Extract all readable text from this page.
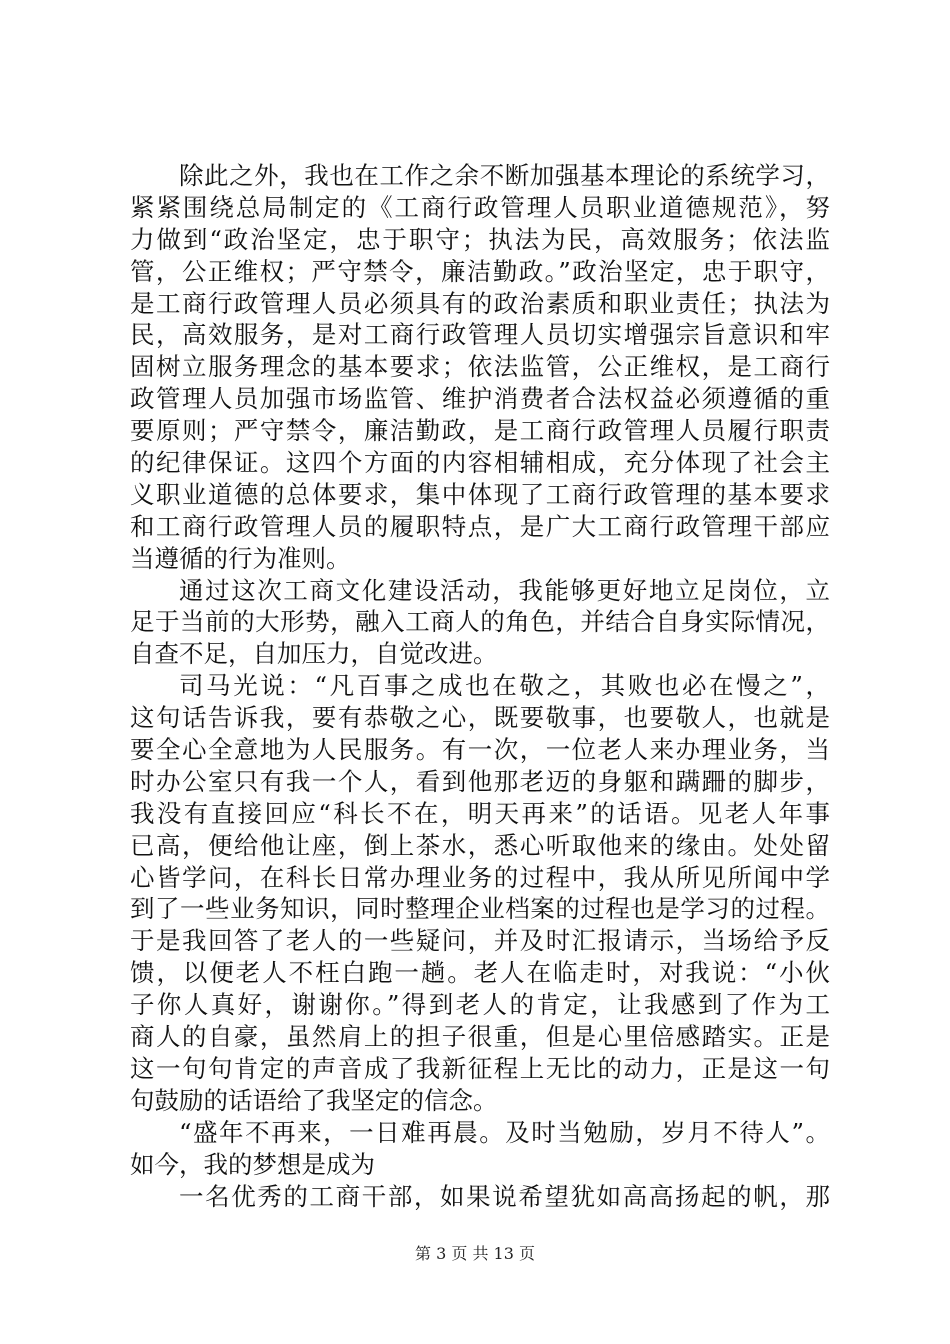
除此之外，我也在工作之余不断加强基本理论的系统学习，
紧紧围绕总局制定的《工商行政管理人员职业道德规范》，努
力做到“政治坚定，忠于职守；执法为民，高效服务；依法监
管，公正维权；严守禁令，廉洁勤政。”政治坚定，忠于职守，
是工商行政管理人员必须具有的政治素质和职业责任；执法为
民，高效服务，是对工商行政管理人员切实增强宗旨意识和牢
固树立服务理念的基本要求；依法监管，公正维权，是工商行
政管理人员加强市场监管、维护消费者合法权益必须遵循的重
要原则；严守禁令，廉洁勤政，是工商行政管理人员履行职责
的纪律保证。这四个方面的内容相辅相成，充分体现了社会主
义职业道德的总体要求，集中体现了工商行政管理的基本要求
和工商行政管理人员的履职特点，是广大工商行政管理干部应
当遵循的行为准则。
通过这次工商文化建设活动，我能够更好地立足岗位，立
足于当前的大形势，融入工商人的角色，并结合自身实际情况，
自查不足，自加压力，自觉改进。
司马光说：“凡百事之成也在敬之，其败也必在慢之”，
这句话告诉我，要有恭敬之心，既要敬事，也要敬人，也就是
要全心全意地为人民服务。有一次，一位老人来办理业务，当
时办公室只有我一个人，看到他那老迈的身躯和蹒跚的脚步，
我没有直接回应“科长不在，明天再来”的话语。见老人年事
已高，便给他让座，倒上茶水，悉心听取他来的缘由。处处留
心皆学问，在科长日常办理业务的过程中，我从所见所闻中学
到了一些业务知识，同时整理企业档案的过程也是学习的过程。
于是我回答了老人的一些疑问，并及时汇报请示，当场给予反
馈，以便老人不枉白跑一趟。老人在临走时，对我说：“小伙
子你人真好，谢谢你。”得到老人的肯定，让我感到了作为工
商人的自豪，虽然肩上的担子很重，但是心里倍感踏实。正是
这一句句肯定的声音成了我新征程上无比的动力，正是这一句
句鼓励的话语给了我坚定的信念。
“盛年不再来，一日难再晨。及时当勉励，岁月不待人”。
如今，我的梦想是成为
一名优秀的工商干部，如果说希望犹如高高扬起的帆，那
第 3 页 共 13 页
